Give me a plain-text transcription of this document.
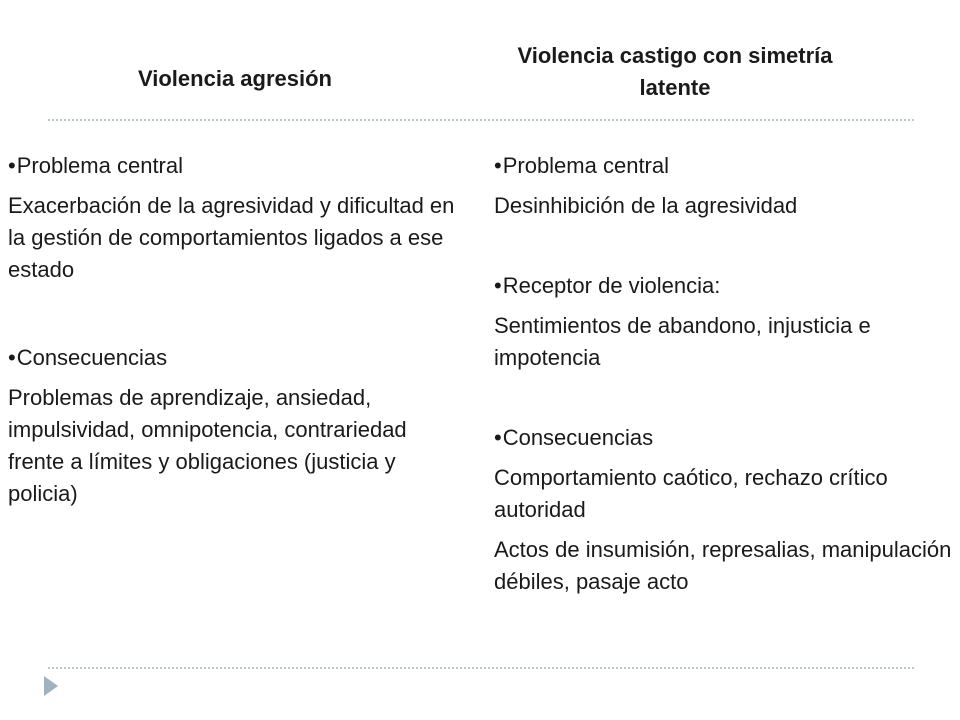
Violencia agresión
Violencia castigo con simetría latente

• Problema central

Exacerbación de la agresividad y dificultad en la gestión de comportamientos ligados a ese estado

• Consecuencias

Problemas de aprendizaje, ansiedad, impulsividad, omnipotencia, contrariedad frente a límites y obligaciones (justicia y policia)

• Problema central

Desinhibición de la agresividad

• Receptor de violencia:

Sentimientos de abandono, injusticia e impotencia

• Consecuencias

Comportamiento caótico, rechazo crítico autoridad

Actos de insumisión, represalias, manipulación débiles, pasaje acto
